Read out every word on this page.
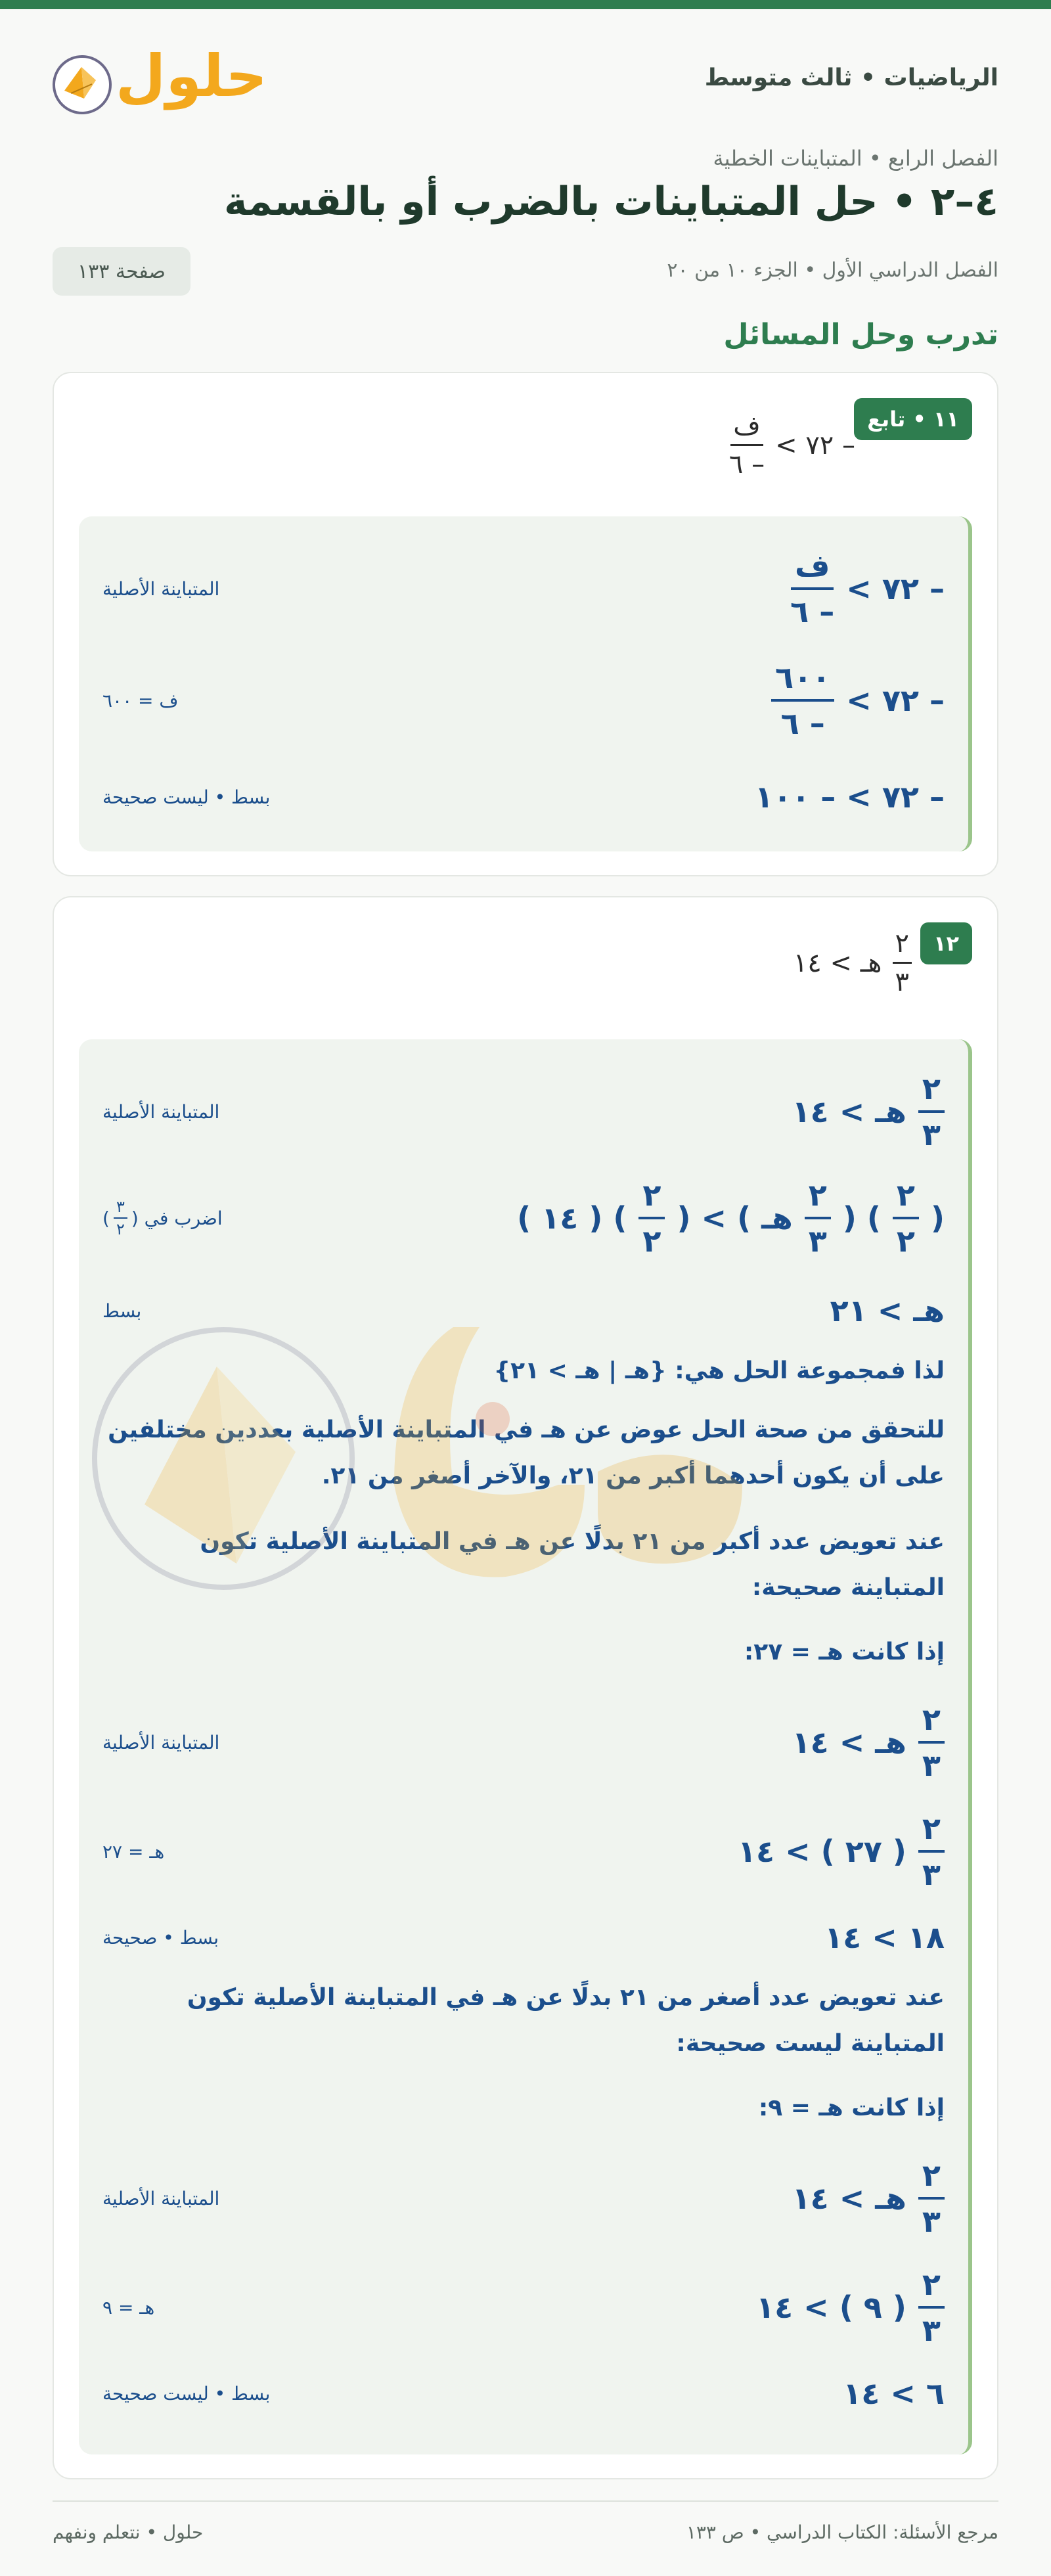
الرياضيات • ثالث متوسط
حلول
الفصل الرابع • المتباينات الخطية
٤–٢ • حل المتباينات بالضرب أو بالقسمة
الفصل الدراسي الأول • الجزء ١٠ من ٢٠
صفحة ١٣٣
تدرب وحل المسائل
١١ • تابع
– ٧٢ >
$\frac{\text{ف}}{- ٦}$
– ٧٢ >
$\frac{\text{ف}}{- ٦}$
المتباينة الأصلية
– ٧٢ >
$\frac{٦٠٠}{- ٦}$
ف = ٦٠٠
– ٧٢ > – ١٠٠
بسط • ليست صحيحة
١٢
$\frac{٢}{٣}$
هـ > ١٤
$\frac{٢}{٣}$
هـ > ١٤
المتباينة الأصلية
(
$\frac{٢}{٢}$
) (
$\frac{٢}{٣}$
هـ ) > (
$\frac{٢}{٢}$
) ( ١٤ )
اضرب في (
$\frac{٣}{٢}$
)
هـ > ٢١
بسط
لذا فمجموعة الحل هي: {هـ | هـ > ٢١}
للتحقق من صحة الحل عوض عن هـ في المتباينة الأصلية بعددين مختلفين على أن يكون أحدهما أكبر من ٢١، والآخر أصغر من ٢١.
عند تعويض عدد أكبر من ٢١ بدلًا عن هـ في المتباينة الأصلية تكون المتباينة صحيحة:
إذا كانت هـ = ٢٧:
$\frac{٢}{٣}$
هـ > ١٤
المتباينة الأصلية
$\frac{٢}{٣}$
( ٢٧ ) > ١٤
هـ = ٢٧
١٨ > ١٤
بسط • صحيحة
عند تعويض عدد أصغر من ٢١ بدلًا عن هـ في المتباينة الأصلية تكون المتباينة ليست صحيحة:
إذا كانت هـ = ٩:
$\frac{٢}{٣}$
هـ > ١٤
المتباينة الأصلية
$\frac{٢}{٣}$
( ٩ ) > ١٤
هـ = ٩
٦ > ١٤
بسط • ليست صحيحة
مرجع الأسئلة: الكتاب الدراسي • ص ١٣٣
حلول • نتعلم ونفهم
